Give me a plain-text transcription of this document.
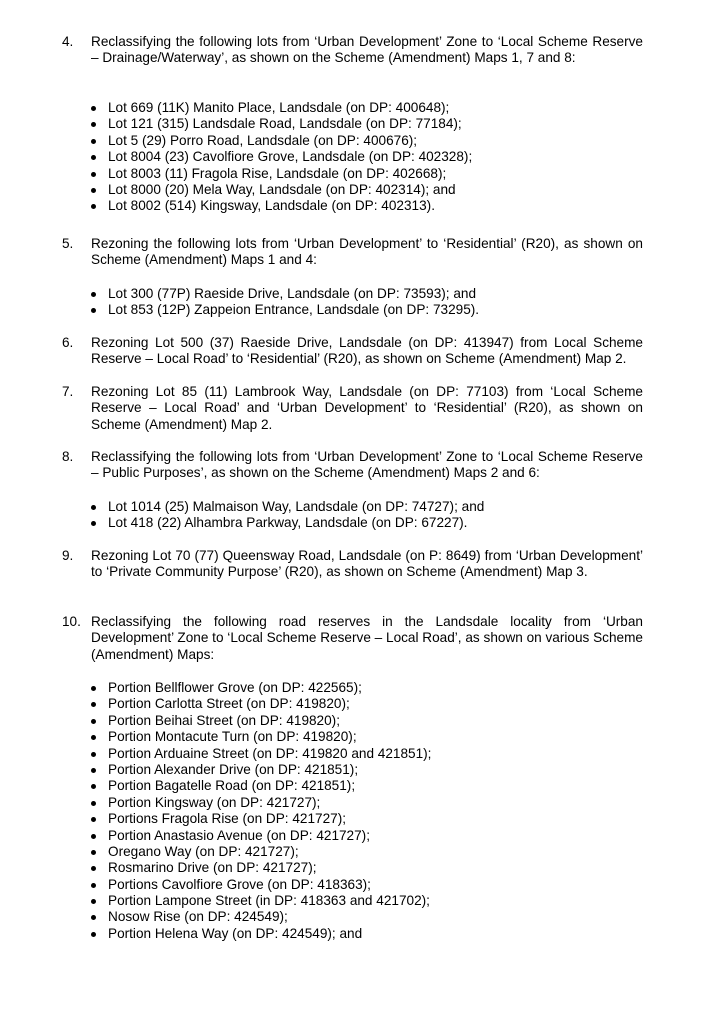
4.	Reclassifying the following lots from ‘Urban Development’ Zone to ‘Local Scheme Reserve – Drainage/Waterway’, as shown on the Scheme (Amendment) Maps 1, 7 and 8:
Lot 669 (11K) Manito Place, Landsdale (on DP: 400648);
Lot 121 (315) Landsdale Road, Landsdale (on DP: 77184);
Lot 5 (29) Porro Road, Landsdale (on DP: 400676);
Lot 8004 (23) Cavolfiore Grove, Landsdale (on DP: 402328);
Lot 8003 (11) Fragola Rise, Landsdale (on DP: 402668);
Lot 8000 (20) Mela Way, Landsdale (on DP: 402314); and
Lot 8002 (514) Kingsway, Landsdale (on DP: 402313).
5.	Rezoning the following lots from ‘Urban Development’ to ‘Residential’ (R20), as shown on Scheme (Amendment) Maps 1 and 4:
Lot 300 (77P) Raeside Drive, Landsdale (on DP: 73593); and
Lot 853 (12P) Zappeion Entrance, Landsdale (on DP: 73295).
6.	Rezoning Lot 500 (37) Raeside Drive, Landsdale (on DP: 413947) from Local Scheme Reserve – Local Road’ to ‘Residential’ (R20), as shown on Scheme (Amendment) Map 2.
7.	Rezoning Lot 85 (11) Lambrook Way, Landsdale (on DP: 77103) from ‘Local Scheme Reserve – Local Road’ and ‘Urban Development’ to ‘Residential’ (R20), as shown on Scheme (Amendment) Map 2.
8.	Reclassifying the following lots from ‘Urban Development’ Zone to ‘Local Scheme Reserve – Public Purposes’, as shown on the Scheme (Amendment) Maps 2 and 6:
Lot 1014 (25) Malmaison Way, Landsdale (on DP: 74727); and
Lot 418 (22) Alhambra Parkway, Landsdale (on DP: 67227).
9.	Rezoning Lot 70 (77) Queensway Road, Landsdale (on P: 8649) from ‘Urban Development’ to ‘Private Community Purpose’ (R20), as shown on Scheme (Amendment) Map 3.
10. Reclassifying the following road reserves in the Landsdale locality from ‘Urban Development’ Zone to ‘Local Scheme Reserve – Local Road’, as shown on various Scheme (Amendment) Maps:
Portion Bellflower Grove (on DP: 422565);
Portion Carlotta Street (on DP: 419820);
Portion Beihai Street (on DP: 419820);
Portion Montacute Turn (on DP: 419820);
Portion Arduaine Street (on DP: 419820 and 421851);
Portion Alexander Drive (on DP: 421851);
Portion Bagatelle Road (on DP: 421851);
Portion Kingsway (on DP: 421727);
Portions Fragola Rise (on DP: 421727);
Portion Anastasio Avenue (on DP: 421727);
Oregano Way (on DP: 421727);
Rosmarino Drive (on DP: 421727);
Portions Cavolfiore Grove (on DP: 418363);
Portion Lampone Street (in DP: 418363 and 421702);
Nosow Rise (on DP: 424549);
Portion Helena Way (on DP: 424549); and
